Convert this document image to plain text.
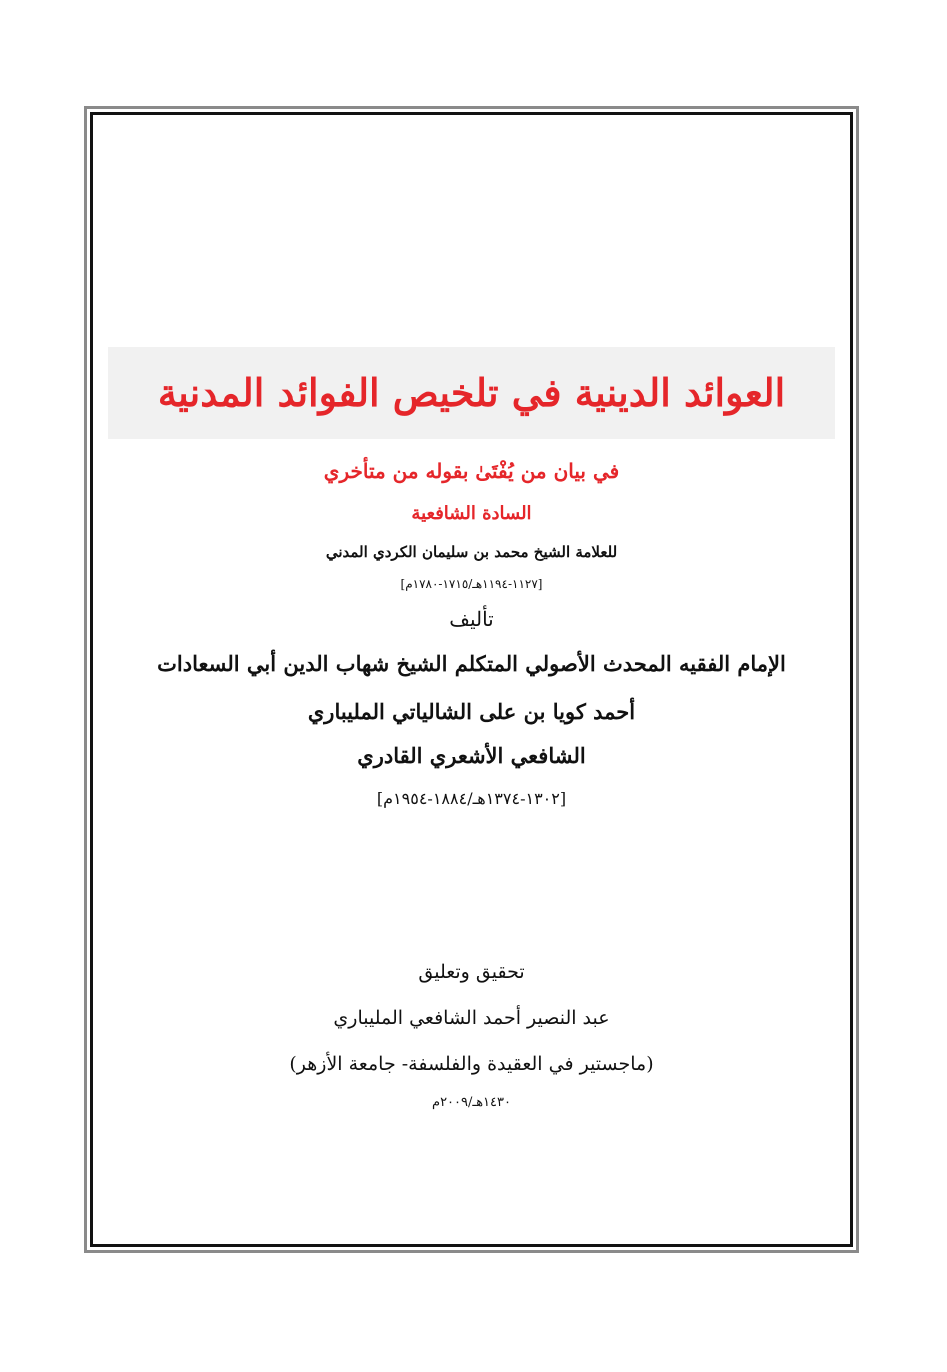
العوائد الدينية في تلخيص الفوائد المدنية
في بيان من يُفْتَىٰ بقوله من متأخري
السادة الشافعية
للعلامة الشيخ محمد بن سليمان الكردي المدني
[١١٢٧-١١٩٤هـ/١٧١٥-١٧٨٠م]
تأليف
الإمام الفقيه المحدث الأصولي المتكلم الشيخ شهاب الدين أبي السعادات
أحمد كويا بن على الشالياتي المليباري
الشافعي الأشعري القادري
[١٣٠٢-١٣٧٤هـ/١٨٨٤-١٩٥٤م]
تحقيق وتعليق
عبد النصير أحمد الشافعي المليباري
(ماجستير في العقيدة والفلسفة- جامعة الأزهر)
١٤٣٠هـ/٢٠٠٩م
